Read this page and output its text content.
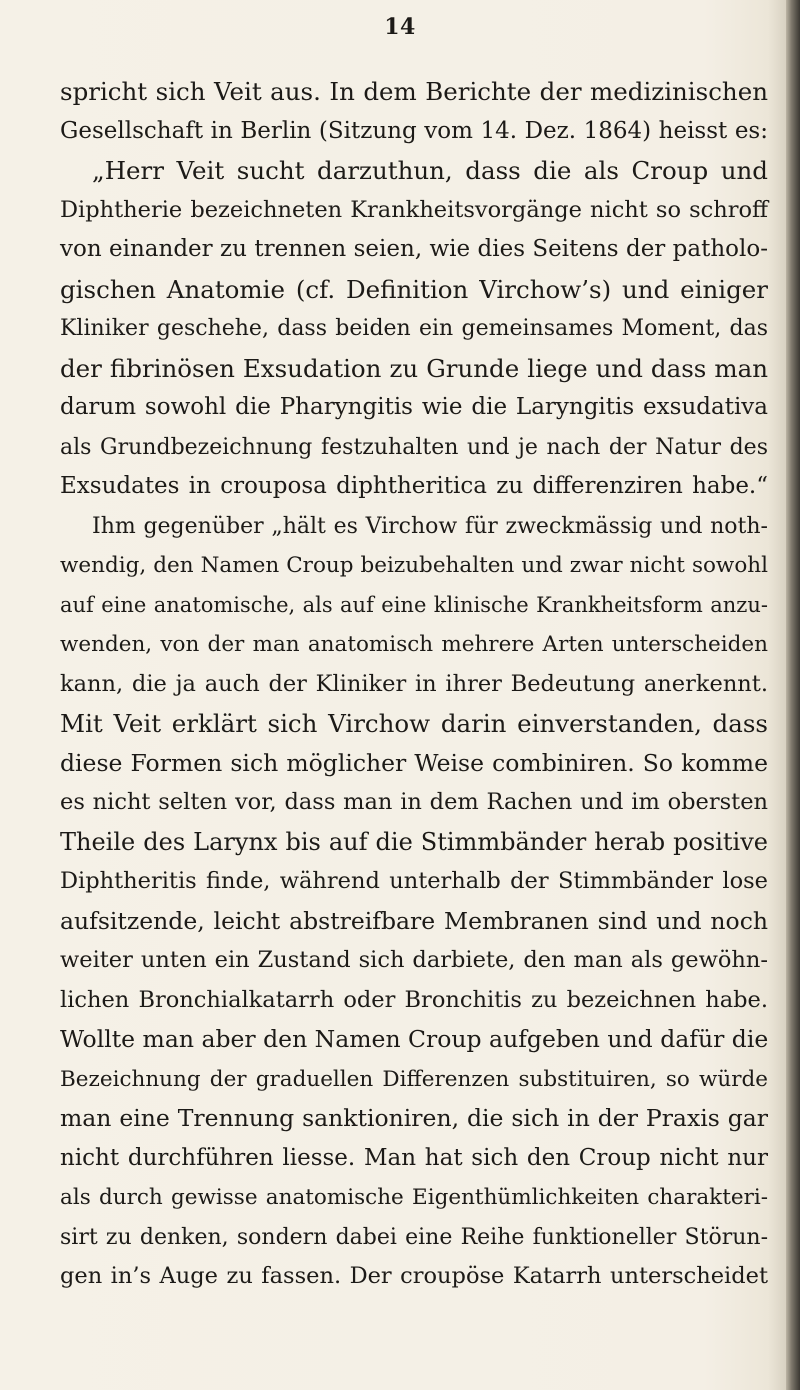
14
spricht sich Veit aus. In dem Berichte der medizinischen
Gesellschaft in Berlin (Sitzung vom 14. Dez. 1864) heisst es:
„Herr Veit sucht darzuthun, dass die als Croup und
Diphtherie bezeichneten Krankheitsvorgänge nicht so schroff
von einander zu trennen seien, wie dies Seitens der patholo-
gischen Anatomie (cf. Definition Virchow’s) und einiger
Kliniker geschehe, dass beiden ein gemeinsames Moment, das
der fibrinösen Exsudation zu Grunde liege und dass man
darum sowohl die Pharyngitis wie die Laryngitis exsudativa
als Grundbezeichnung festzuhalten und je nach der Natur des
Exsudates in crouposa diphtheritica zu differenziren habe.“
Ihm gegenüber „hält es Virchow für zweckmässig und noth-
wendig, den Namen Croup beizubehalten und zwar nicht sowohl
auf eine anatomische, als auf eine klinische Krankheitsform anzu-
wenden, von der man anatomisch mehrere Arten unterscheiden
kann, die ja auch der Kliniker in ihrer Bedeutung anerkennt.
Mit Veit erklärt sich Virchow darin einverstanden, dass
diese Formen sich möglicher Weise combiniren. So komme
es nicht selten vor, dass man in dem Rachen und im obersten
Theile des Larynx bis auf die Stimmbänder herab positive
Diphtheritis finde, während unterhalb der Stimmbänder lose
aufsitzende, leicht abstreifbare Membranen sind und noch
weiter unten ein Zustand sich darbiete, den man als gewöhn-
lichen Bronchialkatarrh oder Bronchitis zu bezeichnen habe.
Wollte man aber den Namen Croup aufgeben und dafür die
Bezeichnung der graduellen Differenzen substituiren, so würde
man eine Trennung sanktioniren, die sich in der Praxis gar
nicht durchführen liesse. Man hat sich den Croup nicht nur
als durch gewisse anatomische Eigenthümlichkeiten charakteri-
sirt zu denken, sondern dabei eine Reihe funktioneller Störun-
gen in’s Auge zu fassen. Der croupöse Katarrh unterscheidet
